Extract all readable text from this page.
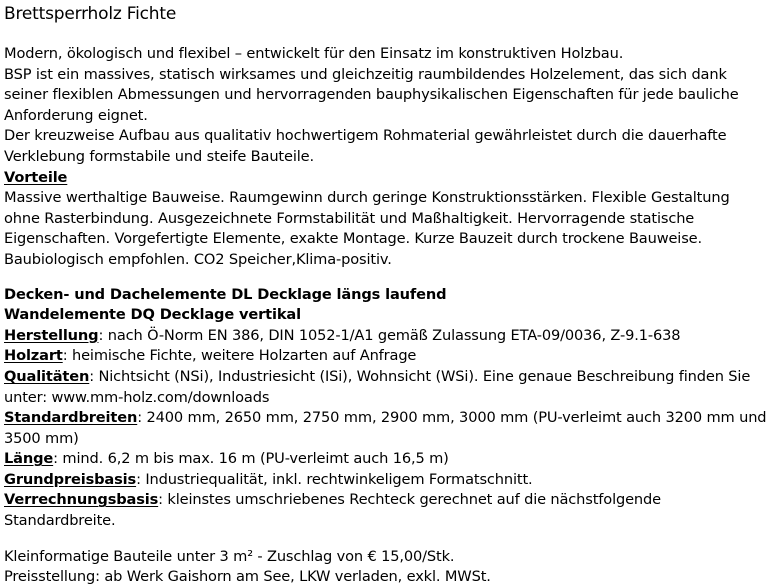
Brettsperrholz Fichte

Modern, ökologisch und flexibel – entwickelt für den Einsatz im konstruktiven Holzbau.

BSP ist ein massives, statisch wirksames und gleichzeitig raumbildendes Holzelement, das sich dank seiner flexiblen Abmessungen und hervorragenden bauphysikalischen Eigenschaften für jede bauliche Anforderung eignet.

Der kreuzweise Aufbau aus qualitativ hochwertigem Rohmaterial gewährleistet durch die dauerhafte Verklebung formstabile und steife Bauteile.

Vorteile

Massive werthaltige Bauweise. Raumgewinn durch geringe Konstruktionsstärken. Flexible Gestaltung ohne Rasterbindung. Ausgezeichnete Formstabilität und Maßhaltigkeit. Hervorragende statische Eigenschaften. Vorgefertigte Elemente, exakte Montage. Kurze Bauzeit durch trockene Bauweise. Baubiologisch empfohlen. CO2 Speicher,Klima-positiv.

Decken- und Dachelemente DL Decklage längs laufend

Wandelemente DQ Decklage vertikal

Herstellung: nach Ö-Norm EN 386, DIN 1052-1/A1 gemäß Zulassung ETA-09/0036, Z-9.1-638

Holzart: heimische Fichte, weitere Holzarten auf Anfrage

Qualitäten: Nichtsicht (NSi), Industriesicht (ISi), Wohnsicht (WSi). Eine genaue Beschreibung finden Sie unter: www.mm-holz.com/downloads

Standardbreiten: 2400 mm, 2650 mm, 2750 mm, 2900 mm, 3000 mm (PU-verleimt auch 3200 mm und 3500 mm)

Länge: mind. 6,2 m bis max. 16 m (PU-verleimt auch 16,5 m)

Grundpreisbasis: Industriequalität, inkl. rechtwinkeligem Formatschnitt.

Verrechnungsbasis: kleinstes umschriebenes Rechteck gerechnet auf die nächstfolgende Standardbreite.

Kleinformatige Bauteile unter 3 m² - Zuschlag von € 15,00/Stk.

Preisstellung: ab Werk Gaishorn am See, LKW verladen, exkl. MWSt.
